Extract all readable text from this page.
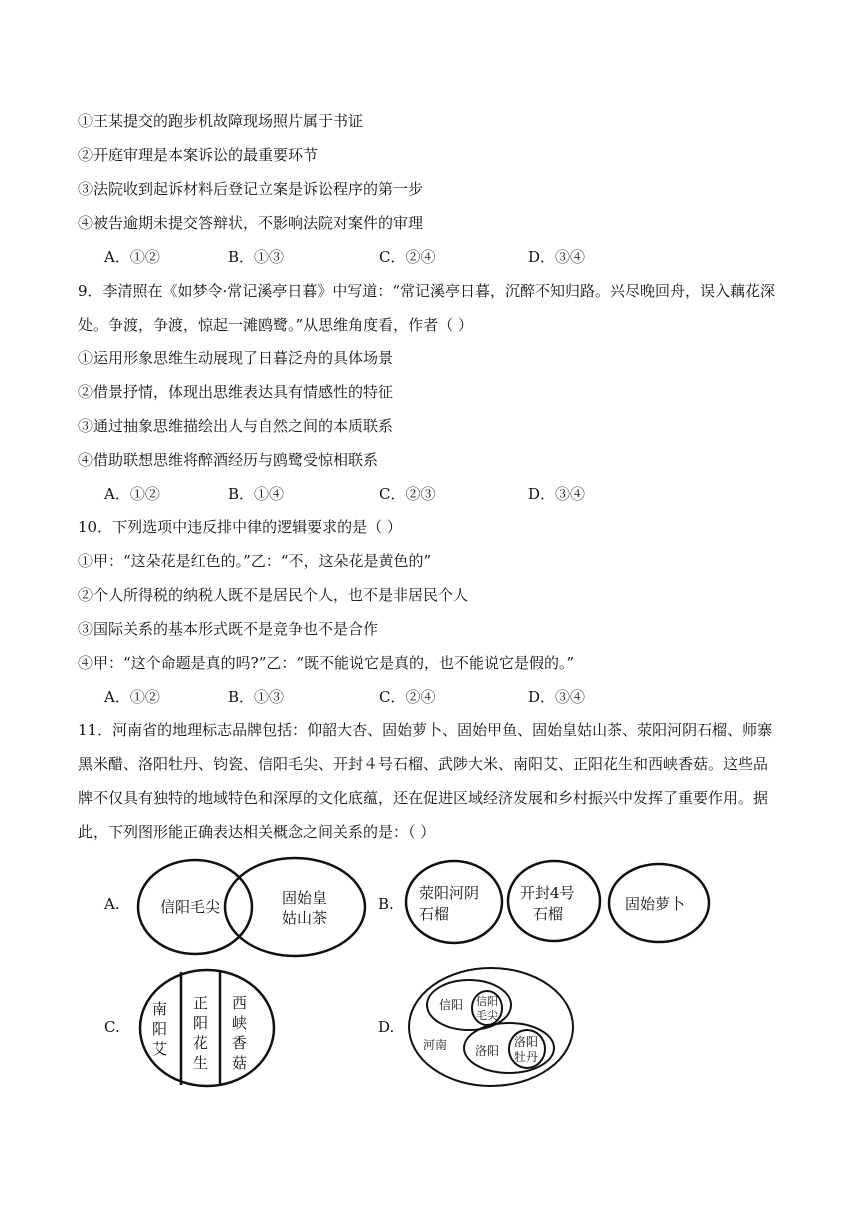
①王某提交的跑步机故障现场照片属于书证
②开庭审理是本案诉讼的最重要环节
③法院收到起诉材料后登记立案是诉讼程序的第一步
④被告逾期未提交答辩状，不影响法院对案件的审理
A．①②	B．①③	C．②④	D．③④
9．李清照在《如梦令·常记溪亭日暮》中写道：“常记溪亭日暮，沉醉不知归路。兴尽晚回舟，误入藕花深
处。争渡，争渡，惊起一滩鸥鹭。”从思维角度看，作者（ ）
①运用形象思维生动展现了日暮泛舟的具体场景
②借景抒情，体现出思维表达具有情感性的特征
③通过抽象思维描绘出人与自然之间的本质联系
④借助联想思维将醉酒经历与鸥鹭受惊相联系
A．①②	B．①④	C．②③	D．③④
10．下列选项中违反排中律的逻辑要求的是（ ）
①甲：“这朵花是红色的。”乙：“不，这朵花是黄色的”
②个人所得税的纳税人既不是居民个人，也不是非居民个人
③国际关系的基本形式既不是竞争也不是合作
④甲：“这个命题是真的吗?”乙：“既不能说它是真的，也不能说它是假的。”
A．①②	B．①③	C．②④	D．③④
11．河南省的地理标志品牌包括：仰韶大杏、固始萝卜、固始甲鱼、固始皇姑山茶、荥阳河阴石榴、师寨
黑米醋、洛阳牡丹、钧瓷、信阳毛尖、开封４号石榴、武陟大米、南阳艾、正阳花生和西峡香菇。这些品
牌不仅具有独特的地域特色和深厚的文化底蕴，还在促进区域经济发展和乡村振兴中发挥了重要作用。据
此，下列图形能正确表达相关概念之间关系的是：（ ）
A.	B.
C.	D.
信阳毛尖	固始皇
姑山茶
荥阳河阴
石榴
开封4号
石榴
固始萝卜
南
阳
艾
正
阳
花
生
西
峡
香
菇
信阳 信阳
毛尖
河南 洛阳
洛阳
牡丹
